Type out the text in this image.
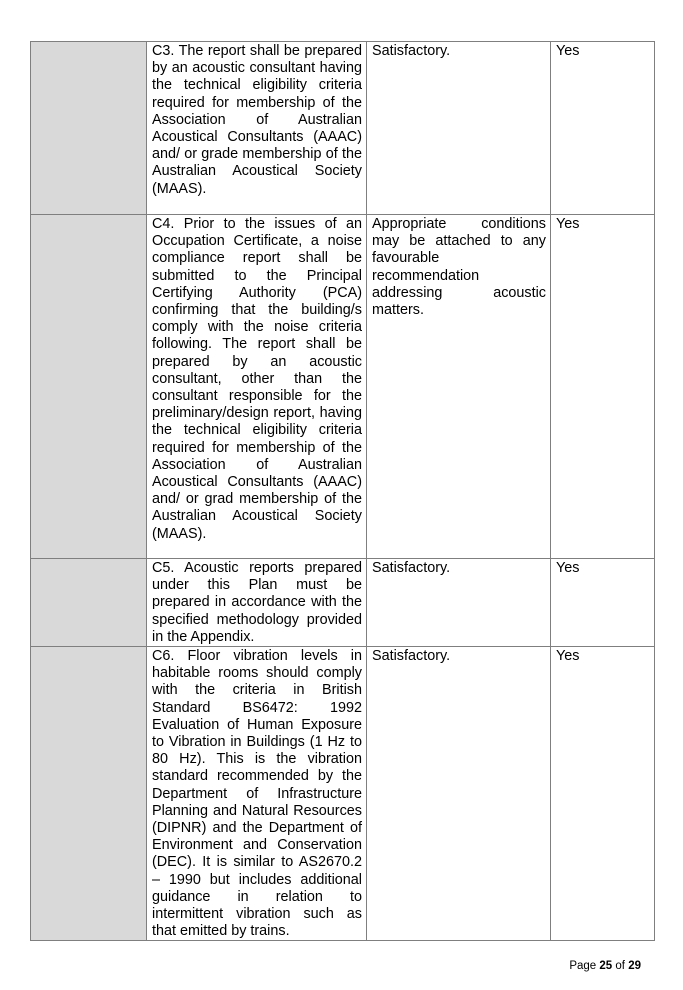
	C3. The report shall be prepared by an acoustic consultant having the technical eligibility criteria required for membership of the Association of Australian Acoustical Consultants (AAAC) and/ or grade membership of the Australian Acoustical Society (MAAS).	Satisfactory.	Yes
	C4. Prior to the issues of an Occupation Certificate, a noise compliance report shall be submitted to the Principal Certifying Authority (PCA) confirming that the building/s comply with the noise criteria following. The report shall be prepared by an acoustic consultant, other than the consultant responsible for the preliminary/design report, having the technical eligibility criteria required for membership of the Association of Australian Acoustical Consultants (AAAC) and/ or grad membership of the Australian Acoustical Society (MAAS).	Appropriate conditions may be attached to any favourable recommendation addressing acoustic matters.	Yes
	C5. Acoustic reports prepared under this Plan must be prepared in accordance with the specified methodology provided in the Appendix.	Satisfactory.	Yes
	C6. Floor vibration levels in habitable rooms should comply with the criteria in British Standard BS6472: 1992 Evaluation of Human Exposure to Vibration in Buildings (1 Hz to 80 Hz). This is the vibration standard recommended by the Department of Infrastructure Planning and Natural Resources (DIPNR) and the Department of Environment and Conservation (DEC). It is similar to AS2670.2 – 1990 but includes additional guidance in relation to intermittent vibration such as that emitted by trains.	Satisfactory.	Yes
Page 25 of 29
